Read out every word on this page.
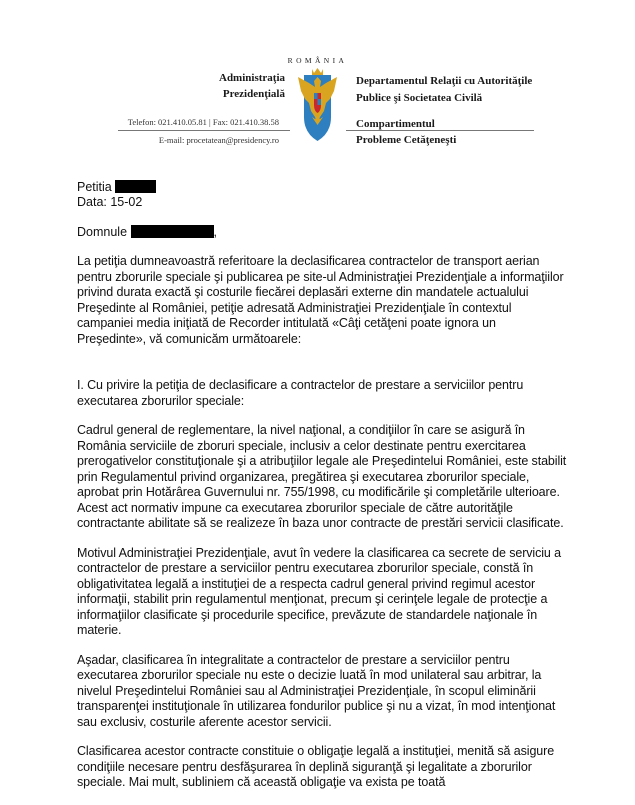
ROMÂNIA
Administraţia
Prezidenţială
Telefon: 021.410.05.81 | Fax: 021.410.38.58
E-mail: procetatean@presidency.ro
Departamentul Relaţii cu Autorităţile
Publice şi Societatea Civilă
Compartimentul
Probleme Cetăţeneşti
Petitia
Data: 15-02
Domnule	,

La petiţia dumneavoastră referitoare la declasificarea contractelor de transport aerian pentru zborurile speciale şi publicarea pe site-ul Administraţiei Prezidenţiale a informaţiilor privind durata exactă şi costurile fiecărei deplasări externe din mandatele actualului Preşedinte al României, petiţie adresată Administraţiei Prezidenţiale în contextul campaniei media iniţiată de Recorder intitulată «Câţi cetăţeni poate ignora un Preşedinte», vă comunicăm următoarele:

I. Cu privire la petiţia de declasificare a contractelor de prestare a serviciilor pentru executarea zborurilor speciale:

Cadrul general de reglementare, la nivel naţional, a condiţiilor în care se asigură în România serviciile de zboruri speciale, inclusiv a celor destinate pentru exercitarea prerogativelor constituţionale şi a atribuţiilor legale ale Preşedintelui României, este stabilit prin Regulamentul privind organizarea, pregătirea şi executarea zborurilor speciale, aprobat prin Hotărârea Guvernului nr. 755/1998, cu modificările şi completările ulterioare. Acest act normativ impune ca executarea zborurilor speciale de către autorităţile contractante abilitate să se realizeze în baza unor contracte de prestări servicii clasificate.

Motivul Administraţiei Prezidenţiale, avut în vedere la clasificarea ca secrete de serviciu a contractelor de prestare a serviciilor pentru executarea zborurilor speciale, constă în obligativitatea legală a instituţiei de a respecta cadrul general privind regimul acestor informaţii, stabilit prin regulamentul menţionat, precum şi cerinţele legale de protecţie a informaţiilor clasificate şi procedurile specifice, prevăzute de standardele naţionale în materie.

Aşadar, clasificarea în integralitate a contractelor de prestare a serviciilor pentru executarea zborurilor speciale nu este o decizie luată în mod unilateral sau arbitrar, la nivelul Preşedintelui României sau al Administraţiei Prezidenţiale, în scopul eliminării transparenţei instituţionale în utilizarea fondurilor publice şi nu a vizat, în mod intenţionat sau exclusiv, costurile aferente acestor servicii.

Clasificarea acestor contracte constituie o obligaţie legală a instituţiei, menită să asigure condiţiile necesare pentru desfăşurarea în deplină siguranţă şi legalitate a zborurilor speciale. Mai mult, subliniem că această obligaţie va exista pe toată
